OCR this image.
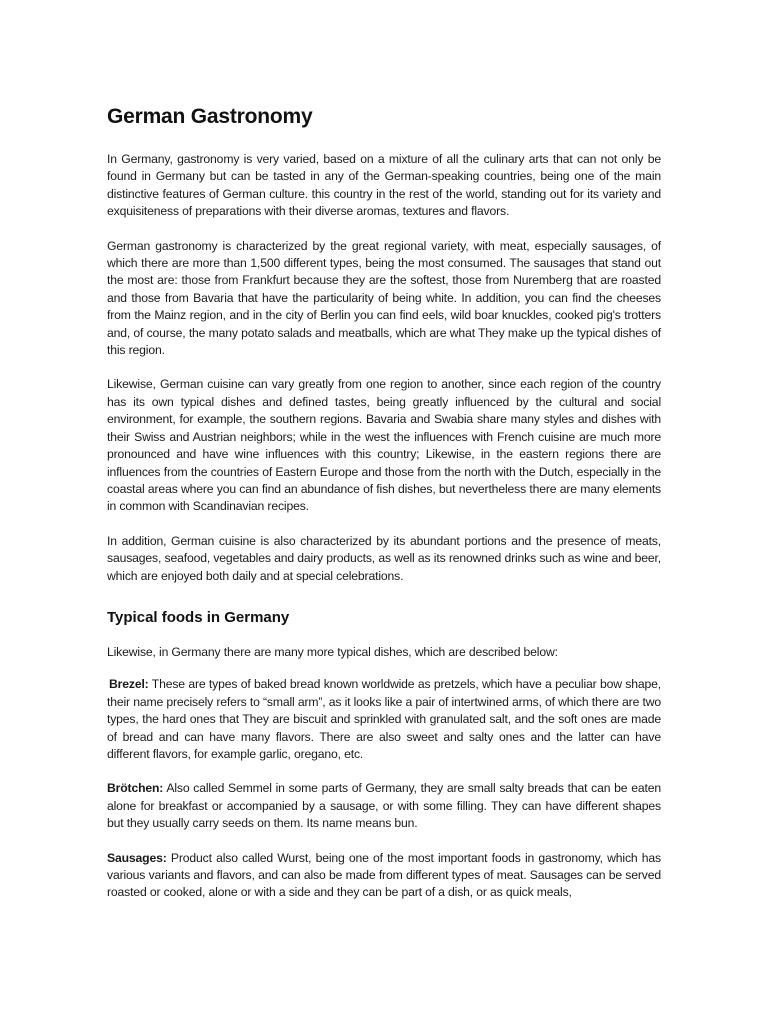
German Gastronomy

In Germany, gastronomy is very varied, based on a mixture of all the culinary arts that can not only be found in Germany but can be tasted in any of the German-speaking countries, being one of the main distinctive features of German culture. this country in the rest of the world, standing out for its variety and exquisiteness of preparations with their diverse aromas, textures and flavors.

German gastronomy is characterized by the great regional variety, with meat, especially sausages, of which there are more than 1,500 different types, being the most consumed. The sausages that stand out the most are: those from Frankfurt because they are the softest, those from Nuremberg that are roasted and those from Bavaria that have the particularity of being white. In addition, you can find the cheeses from the Mainz region, and in the city of Berlin you can find eels, wild boar knuckles, cooked pig's trotters and, of course, the many potato salads and meatballs, which are what They make up the typical dishes of this region.

Likewise, German cuisine can vary greatly from one region to another, since each region of the country has its own typical dishes and defined tastes, being greatly influenced by the cultural and social environment, for example, the southern regions. Bavaria and Swabia share many styles and dishes with their Swiss and Austrian neighbors; while in the west the influences with French cuisine are much more pronounced and have wine influences with this country; Likewise, in the eastern regions there are influences from the countries of Eastern Europe and those from the north with the Dutch, especially in the coastal areas where you can find an abundance of fish dishes, but nevertheless there are many elements in common with Scandinavian recipes.

In addition, German cuisine is also characterized by its abundant portions and the presence of meats, sausages, seafood, vegetables and dairy products, as well as its renowned drinks such as wine and beer, which are enjoyed both daily and at special celebrations.

Typical foods in Germany

Likewise, in Germany there are many more typical dishes, which are described below:

Brezel: These are types of baked bread known worldwide as pretzels, which have a peculiar bow shape, their name precisely refers to “small arm”, as it looks like a pair of intertwined arms, of which there are two types, the hard ones that They are biscuit and sprinkled with granulated salt, and the soft ones are made of bread and can have many flavors. There are also sweet and salty ones and the latter can have different flavors, for example garlic, oregano, etc.

Brötchen: Also called Semmel in some parts of Germany, they are small salty breads that can be eaten alone for breakfast or accompanied by a sausage, or with some filling. They can have different shapes but they usually carry seeds on them. Its name means bun.

Sausages: Product also called Wurst, being one of the most important foods in gastronomy, which has various variants and flavors, and can also be made from different types of meat. Sausages can be served roasted or cooked, alone or with a side and they can be part of a dish, or as quick meals,
